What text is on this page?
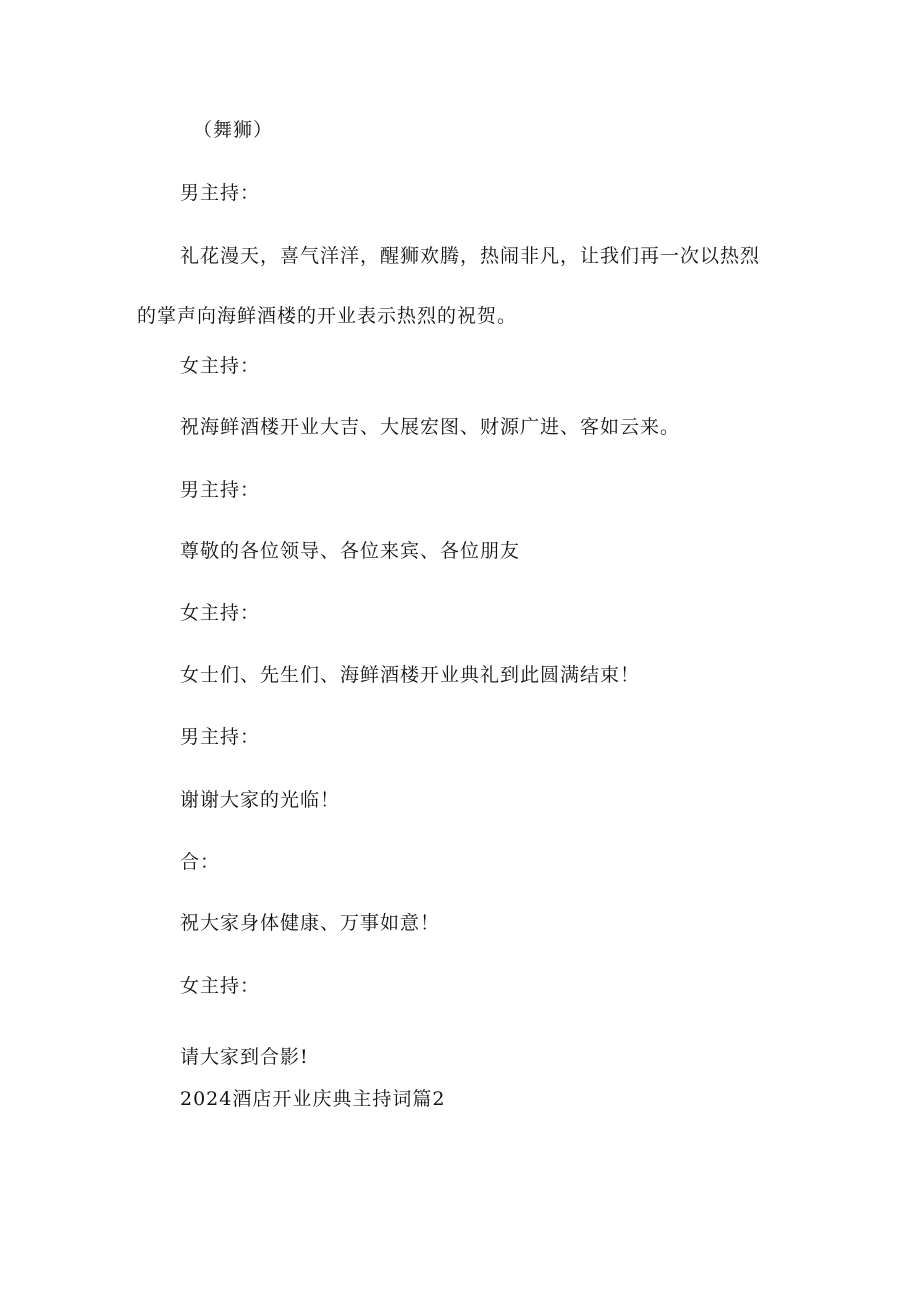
（舞狮）
男主持：
礼花漫天，喜气洋洋，醒狮欢腾，热闹非凡，让我们再一次以热烈的掌声向海鲜酒楼的开业表示热烈的祝贺。
女主持：
祝海鲜酒楼开业大吉、大展宏图、财源广进、客如云来。
男主持：
尊敬的各位领导、各位来宾、各位朋友
女主持：
女士们、先生们、海鲜酒楼开业典礼到此圆满结束！
男主持：
谢谢大家的光临！
合：
祝大家身体健康、万事如意！
女主持：
请大家到合影!
2024酒店开业庆典主持词篇2
